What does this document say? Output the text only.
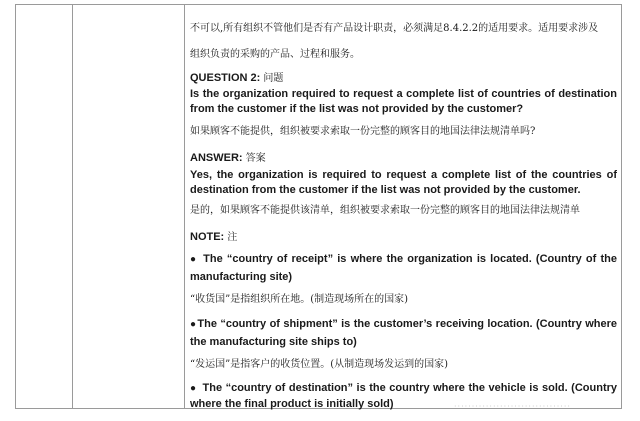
不可以,所有组织不管他们是否有产品设计职责，必须满足8.4.2.2的适用要求。适用要求涉及
组织负责的采购的产品、过程和服务。
QUESTION 2: 问题
Is the organization required to request a complete list of countries of destination
from the customer if the list was not provided by the customer?
如果顾客不能提供，组织被要求索取一份完整的顾客目的地国法律法规清单吗?
ANSWER: 答案
Yes, the organization is required to request a complete list of the countries of
destination from the customer if the list was not provided by the customer.
是的，如果顾客不能提供该清单，组织被要求索取一份完整的顾客目的地国法律法规清单
NOTE: 注
● The “country of receipt” is where the organization is located. (Country of the
manufacturing site)
“收货国”是指组织所在地。(制造现场所在的国家)
●The “country of shipment” is the customer’s receiving location. (Country where
the manufacturing site ships to)
“发运国”是指客户的收货位置。(从制造现场发运到的国家)
● The “country of destination” is the country where the vehicle is sold. (Country
where the final product is initially sold)	·································
